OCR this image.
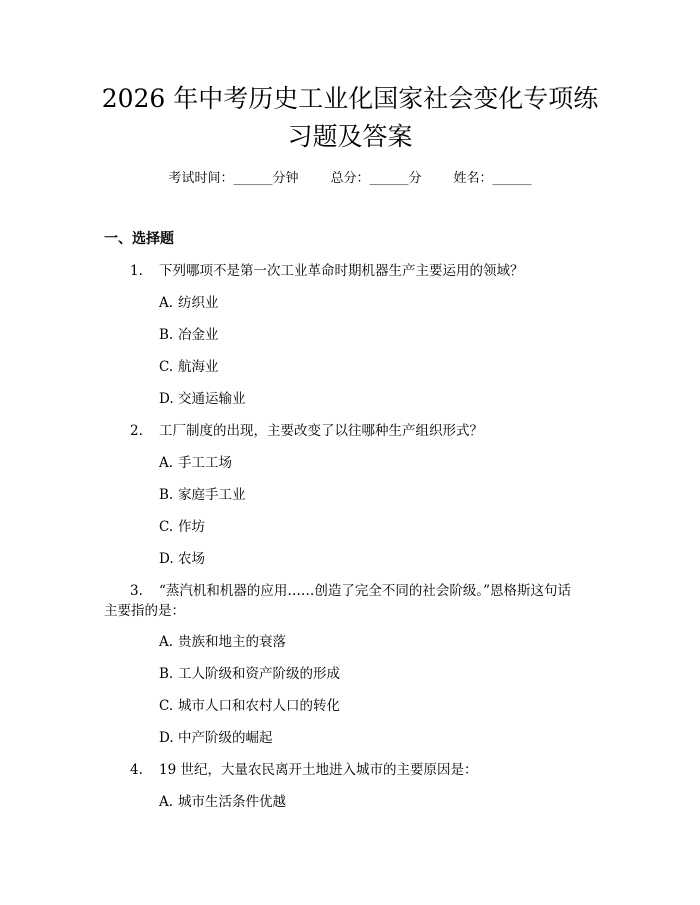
2026 年中考历史工业化国家社会变化专项练
习题及答案
考试时间：______分钟 总分：______分 姓名：______
一、选择题
1. 下列哪项不是第一次工业革命时期机器生产主要运用的领域？
A. 纺织业
B. 冶金业
C. 航海业
D. 交通运输业
2. 工厂制度的出现，主要改变了以往哪种生产组织形式？
A. 手工工场
B. 家庭手工业
C. 作坊
D. 农场
3. “蒸汽机和机器的应用……创造了完全不同的社会阶级。”恩格斯这句话
主要指的是：
A. 贵族和地主的衰落
B. 工人阶级和资产阶级的形成
C. 城市人口和农村人口的转化
D. 中产阶级的崛起
4. 19 世纪，大量农民离开土地进入城市的主要原因是：
A. 城市生活条件优越
